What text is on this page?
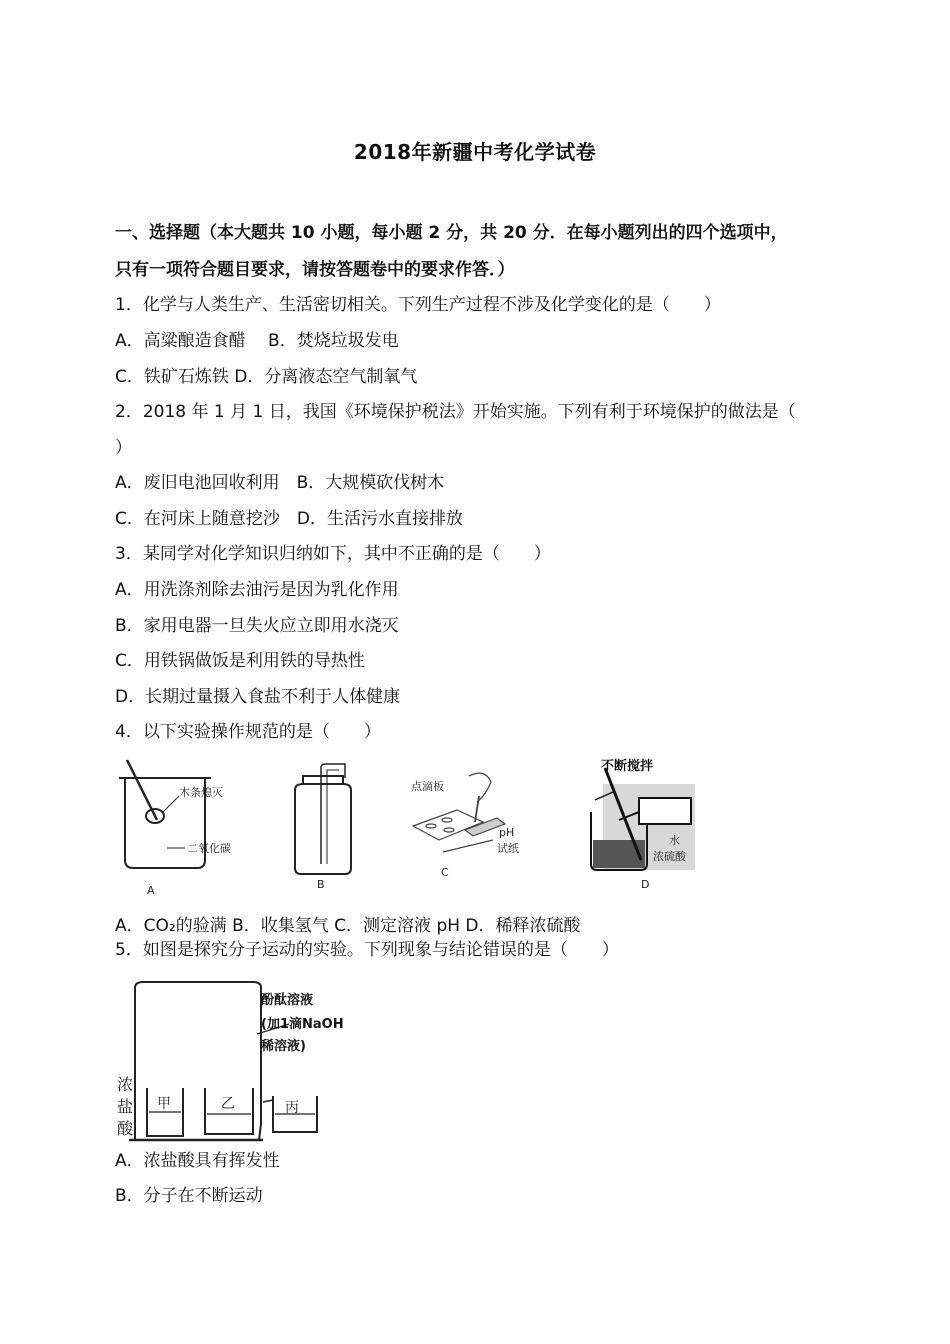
2018年新疆中考化学试卷
一、选择题（本大题共 10 小题，每小题 2 分，共 20 分．在每小题列出的四个选项中，
只有一项符合题目要求，请按答题卷中的要求作答．）
1．化学与人类生产、生活密切相关。下列生产过程不涉及化学变化的是（　　）
A．高粱酿造食醋　 B．焚烧垃圾发电
C．铁矿石炼铁 D．分离液态空气制氧气
2．2018 年 1 月 1 日，我国《环境保护税法》开始实施。下列有利于环境保护的做法是（
）
A．废旧电池回收利用　B．大规模砍伐树木
C．在河床上随意挖沙　D．生活污水直接排放
3．某同学对化学知识归纳如下，其中不正确的是（　　）
A．用洗涤剂除去油污是因为乳化作用
B．家用电器一旦失火应立即用水浇灭
C．用铁锅做饭是利用铁的导热性
D．长期过量摄入食盐不利于人体健康
4．以下实验操作规范的是（　　）
木条熄灭
二氧化碳
A	B
点滴板
pH
试纸
C
不断搅拌
水
浓硫酸
D
A．CO₂的验满 B．收集氢气 C．测定溶液 pH D．稀释浓硫酸
5．如图是探究分子运动的实验。下列现象与结论错误的是（　　）
酚酞溶液
(加1滴NaOH
稀溶液)
浓
盐
酸
甲	乙	丙
A．浓盐酸具有挥发性
B．分子在不断运动
